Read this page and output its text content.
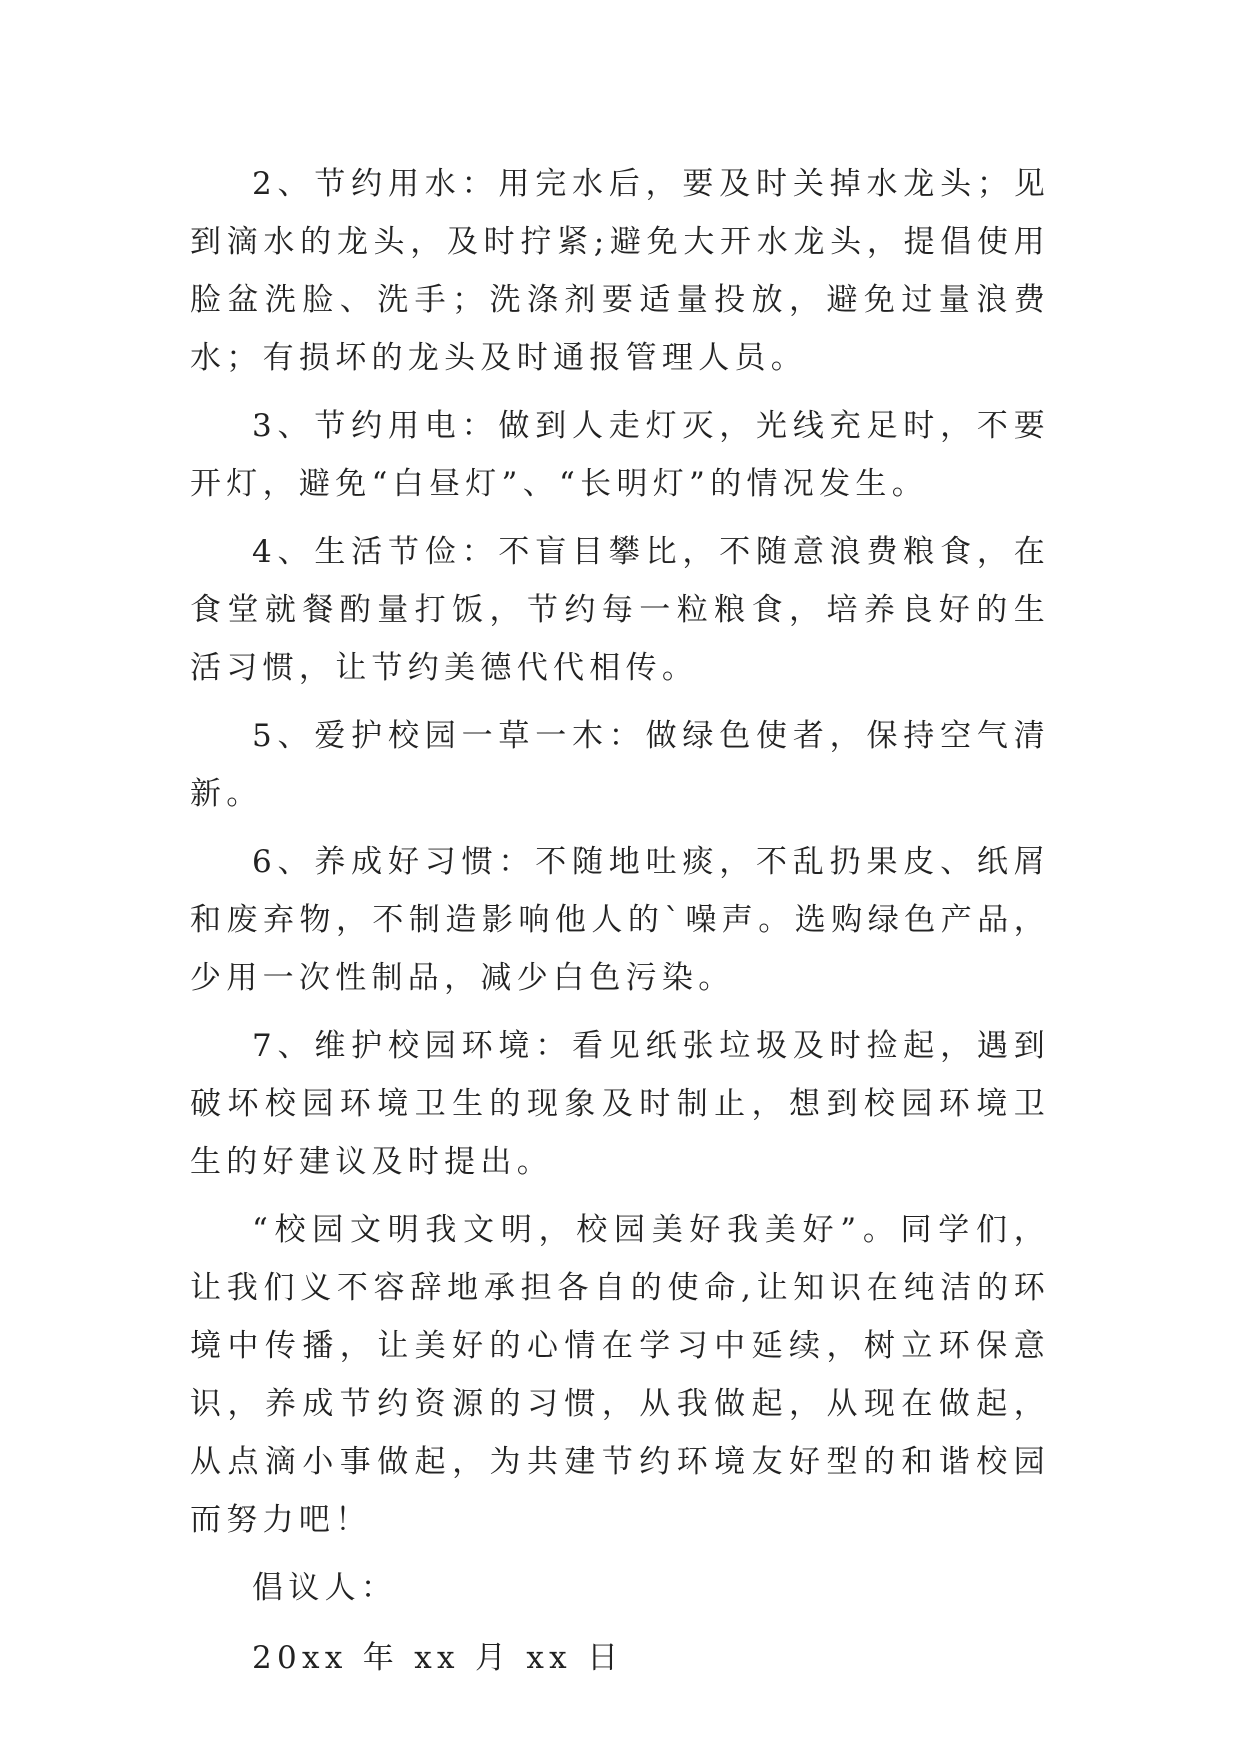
2、节约用水：用完水后，要及时关掉水龙头；见到滴水的龙头，及时拧紧;避免大开水龙头，提倡使用脸盆洗脸、洗手；洗涤剂要适量投放，避免过量浪费水；有损坏的龙头及时通报管理人员。

3、节约用电：做到人走灯灭，光线充足时，不要开灯，避免“白昼灯”、“长明灯”的情况发生。

4、生活节俭：不盲目攀比，不随意浪费粮食，在食堂就餐酌量打饭，节约每一粒粮食，培养良好的生活习惯，让节约美德代代相传。

5、爱护校园一草一木：做绿色使者，保持空气清新。

6、养成好习惯：不随地吐痰，不乱扔果皮、纸屑和废弃物，不制造影响他人的`噪声。选购绿色产品，少用一次性制品，减少白色污染。

7、维护校园环境：看见纸张垃圾及时捡起，遇到破坏校园环境卫生的现象及时制止，想到校园环境卫生的好建议及时提出。

“校园文明我文明，校园美好我美好”。同学们，让我们义不容辞地承担各自的使命,让知识在纯洁的环境中传播，让美好的心情在学习中延续，树立环保意识，养成节约资源的习惯，从我做起，从现在做起，从点滴小事做起，为共建节约环境友好型的和谐校园而努力吧！

倡议人：

20xx 年 xx 月 xx 日
